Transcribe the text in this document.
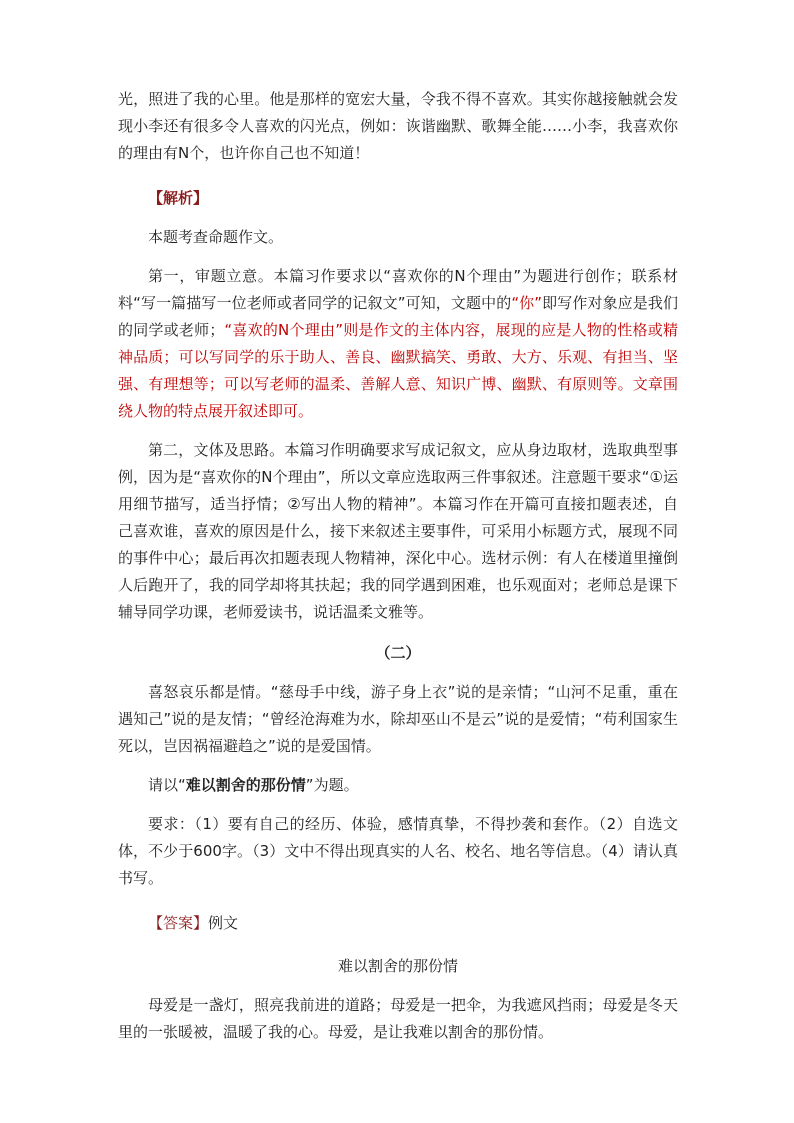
光，照进了我的心里。他是那样的宽宏大量，令我不得不喜欢。其实你越接触就会发现小李还有很多令人喜欢的闪光点，例如：诙谐幽默、歌舞全能……小李，我喜欢你的理由有N个，也许你自己也不知道！

【解析】

本题考查命题作文。

第一，审题立意。本篇习作要求以“喜欢你的N个理由”为题进行创作；联系材料“写一篇描写一位老师或者同学的记叙文”可知，文题中的“你”即写作对象应是我们的同学或老师；“喜欢的N个理由”则是作文的主体内容，展现的应是人物的性格或精神品质；可以写同学的乐于助人、善良、幽默搞笑、勇敢、大方、乐观、有担当、坚强、有理想等；可以写老师的温柔、善解人意、知识广博、幽默、有原则等。文章围绕人物的特点展开叙述即可。

第二，文体及思路。本篇习作明确要求写成记叙文，应从身边取材，选取典型事例，因为是“喜欢你的N个理由”，所以文章应选取两三件事叙述。注意题干要求“①运用细节描写，适当抒情；②写出人物的精神”。本篇习作在开篇可直接扣题表述，自己喜欢谁，喜欢的原因是什么，接下来叙述主要事件，可采用小标题方式，展现不同的事件中心；最后再次扣题表现人物精神，深化中心。选材示例：有人在楼道里撞倒人后跑开了，我的同学却将其扶起；我的同学遇到困难，也乐观面对；老师总是课下辅导同学功课，老师爱读书，说话温柔文雅等。

（二）

喜怒哀乐都是情。“慈母手中线，游子身上衣”说的是亲情；“山河不足重，重在遇知己”说的是友情；“曾经沧海难为水，除却巫山不是云”说的是爱情；“苟利国家生死以，岂因祸福避趋之”说的是爱国情。

请以“难以割舍的那份情”为题。

要求：（1）要有自己的经历、体验，感情真挚，不得抄袭和套作。（2）自选文体，不少于600字。（3）文中不得出现真实的人名、校名、地名等信息。（4）请认真书写。

【答案】例文

难以割舍的那份情

母爱是一盏灯，照亮我前进的道路；母爱是一把伞，为我遮风挡雨；母爱是冬天里的一张暖被，温暖了我的心。母爱，是让我难以割舍的那份情。
